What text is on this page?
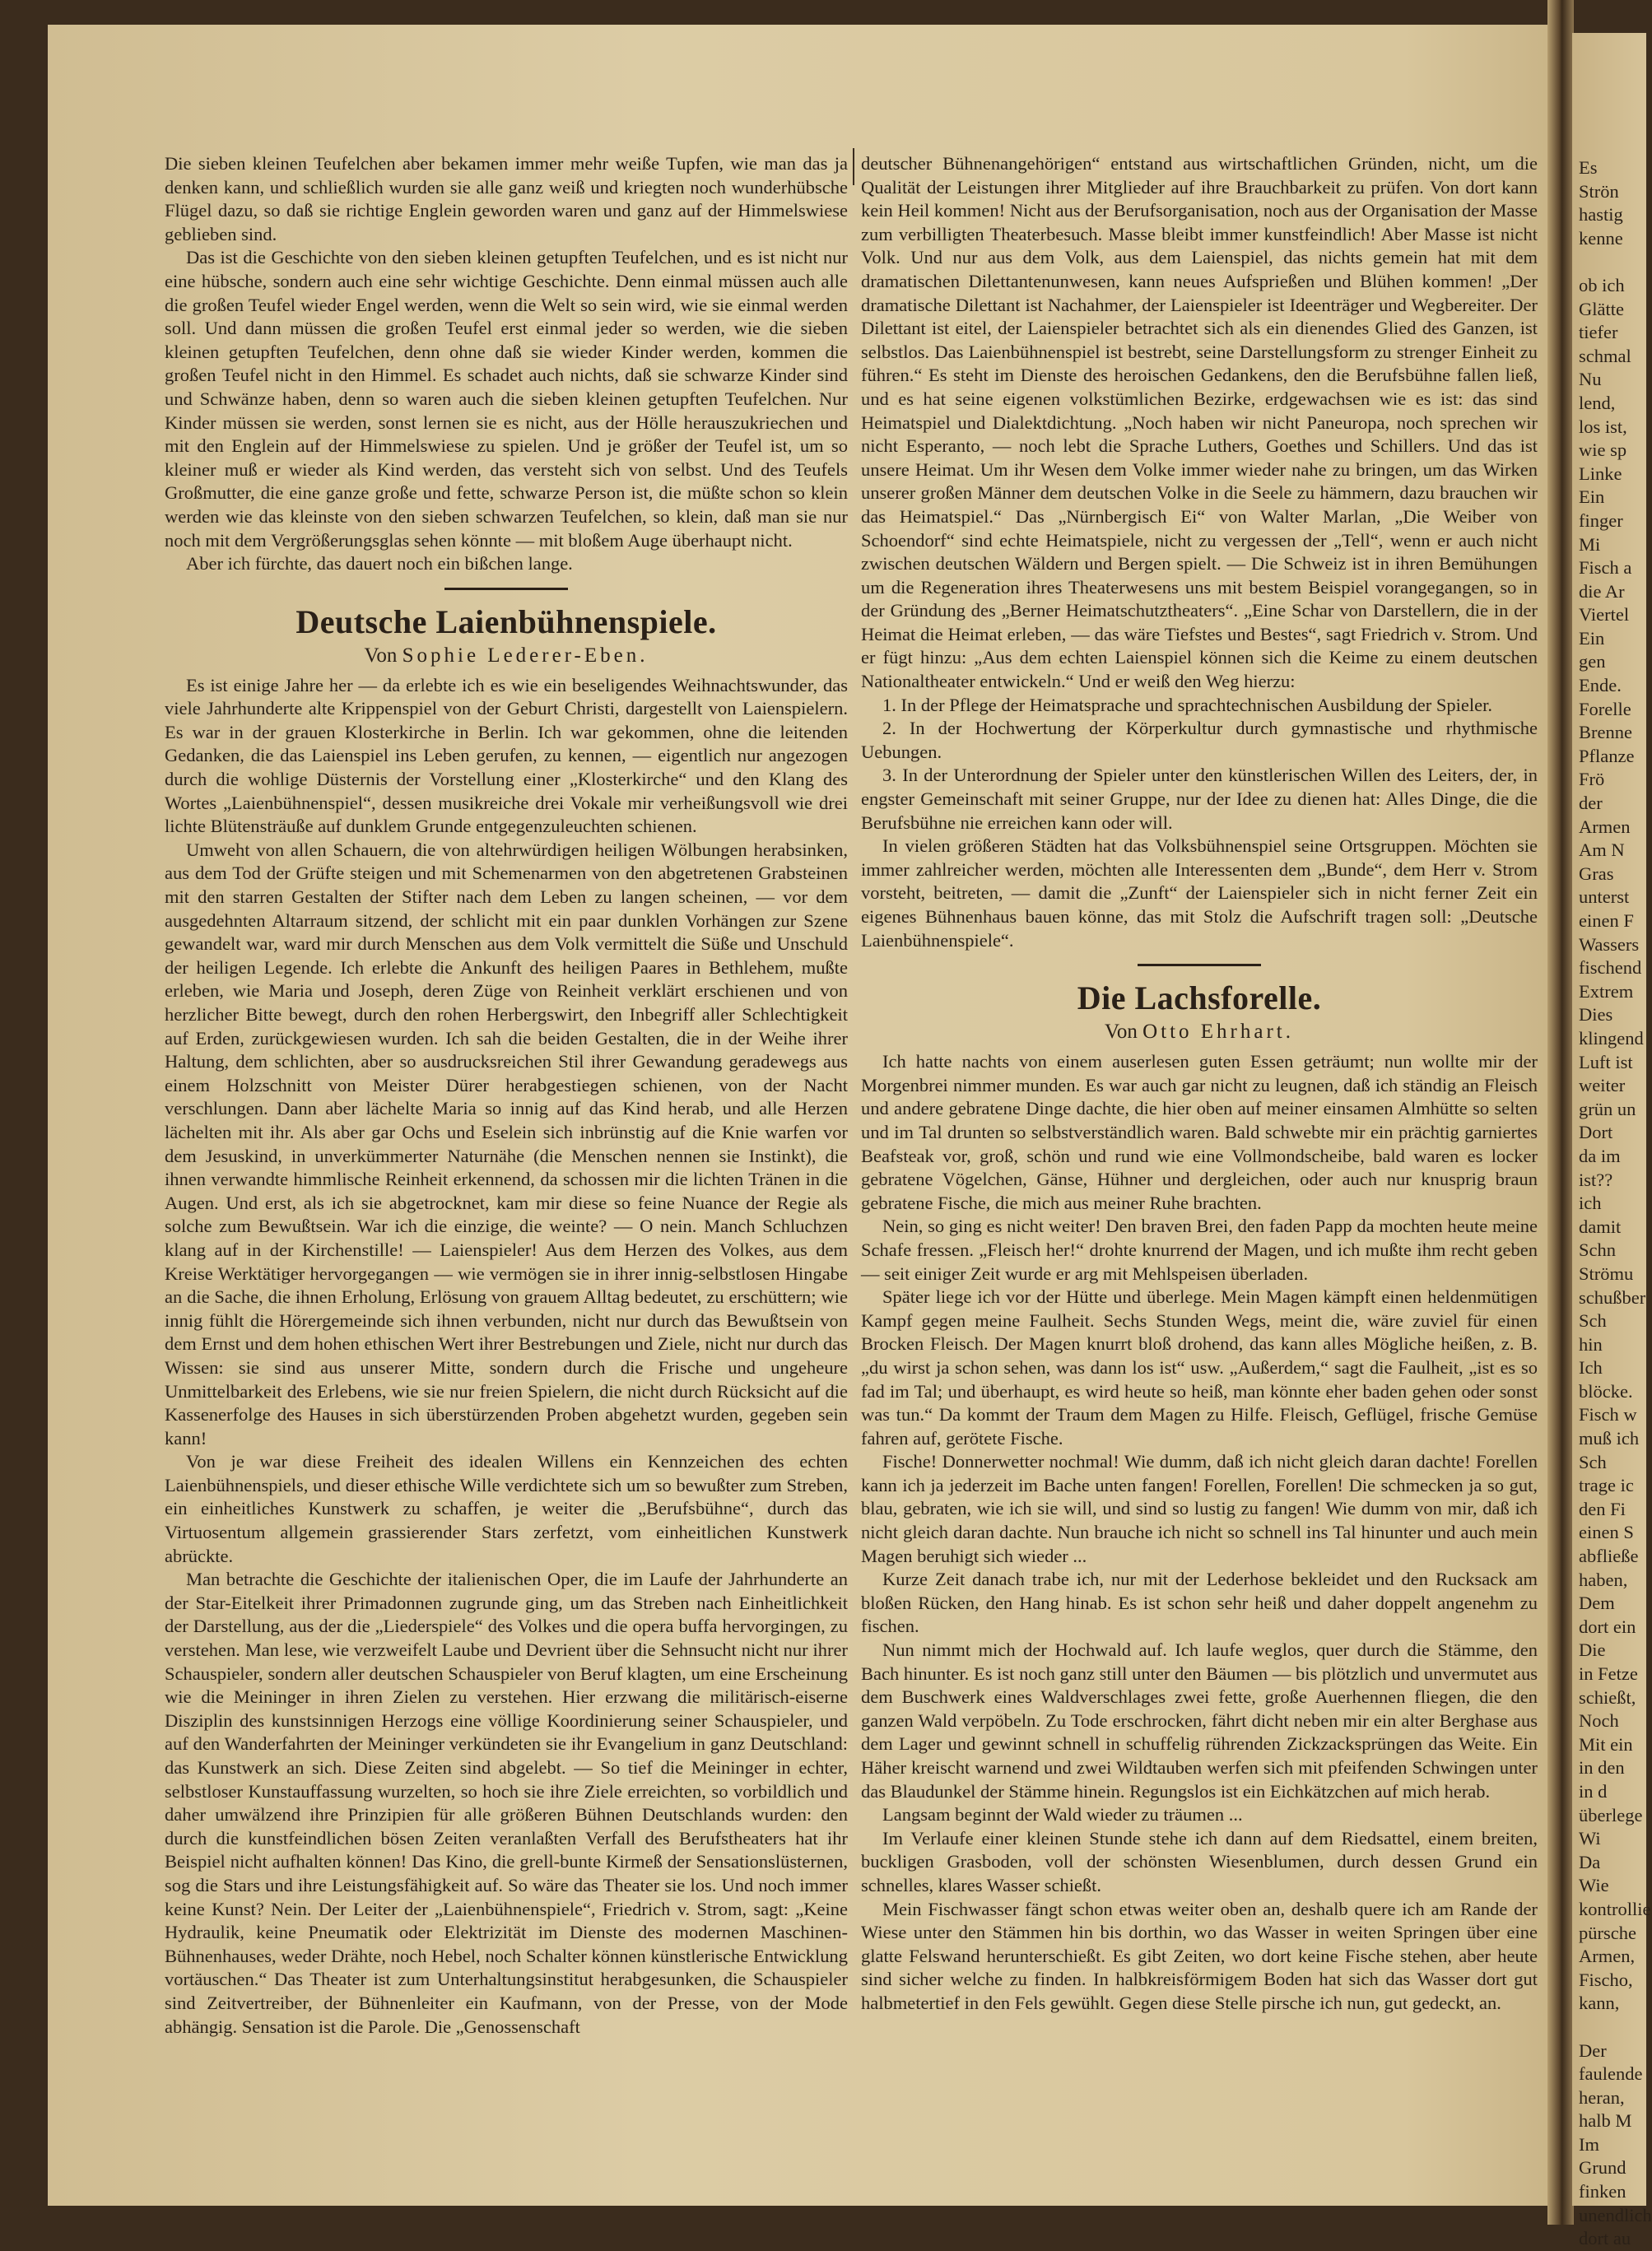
Die sieben kleinen Teufelchen aber bekamen immer mehr weiße Tupfen, wie man das ja denken kann, und schließlich wurden sie alle ganz weiß und kriegten noch wunderhübsche Flügel dazu, so daß sie richtige Englein geworden waren und ganz auf der Himmelswiese geblieben sind.

Das ist die Geschichte von den sieben kleinen getupften Teufelchen, und es ist nicht nur eine hübsche, sondern auch eine sehr wichtige Geschichte. Denn einmal müssen auch alle die großen Teufel wieder Engel werden, wenn die Welt so sein wird, wie sie einmal werden soll. Und dann müssen die großen Teufel erst einmal jeder so werden, wie die sieben kleinen getupften Teufelchen, denn ohne daß sie wieder Kinder werden, kommen die großen Teufel nicht in den Himmel. Es schadet auch nichts, daß sie schwarze Kinder sind und Schwänze haben, denn so waren auch die sieben kleinen getupften Teufelchen. Nur Kinder müssen sie werden, sonst lernen sie es nicht, aus der Hölle herauszukriechen und mit den Englein auf der Himmelswiese zu spielen. Und je größer der Teufel ist, um so kleiner muß er wieder als Kind werden, das versteht sich von selbst. Und des Teufels Großmutter, die eine ganze große und fette, schwarze Person ist, die müßte schon so klein werden wie das kleinste von den sieben schwarzen Teufelchen, so klein, daß man sie nur noch mit dem Vergrößerungsglas sehen könnte — mit bloßem Auge überhaupt nicht.

Aber ich fürchte, das dauert noch ein bißchen lange.

Deutsche Laienbühnenspiele.
Von Sophie Lederer-Eben.

Es ist einige Jahre her — da erlebte ich es wie ein beseligendes Weihnachtswunder, das viele Jahrhunderte alte Krippenspiel von der Geburt Christi, dargestellt von Laienspielern. Es war in der grauen Klosterkirche in Berlin. Ich war gekommen, ohne die leitenden Gedanken, die das Laienspiel ins Leben gerufen, zu kennen, — eigentlich nur angezogen durch die wohlige Düsternis der Vorstellung einer „Klosterkirche“ und den Klang des Wortes „Laienbühnenspiel“, dessen musikreiche drei Vokale mir verheißungsvoll wie drei lichte Blütensträuße auf dunklem Grunde entgegenzuleuchten schienen.

Umweht von allen Schauern, die von altehrwürdigen heiligen Wölbungen herabsinken, aus dem Tod der Grüfte steigen und mit Schemenarmen von den abgetretenen Grabsteinen mit den starren Gestalten der Stifter nach dem Leben zu langen scheinen, — vor dem ausgedehnten Altarraum sitzend, der schlicht mit ein paar dunklen Vorhängen zur Szene gewandelt war, ward mir durch Menschen aus dem Volk vermittelt die Süße und Unschuld der heiligen Legende. Ich erlebte die Ankunft des heiligen Paares in Bethlehem, mußte erleben, wie Maria und Joseph, deren Züge von Reinheit verklärt erschienen und von herzlicher Bitte bewegt, durch den rohen Herbergswirt, den Inbegriff aller Schlechtigkeit auf Erden, zurückgewiesen wurden. Ich sah die beiden Gestalten, die in der Weihe ihrer Haltung, dem schlichten, aber so ausdrucksreichen Stil ihrer Gewandung geradewegs aus einem Holzschnitt von Meister Dürer herabgestiegen schienen, von der Nacht verschlungen. Dann aber lächelte Maria so innig auf das Kind herab, und alle Herzen lächelten mit ihr. Als aber gar Ochs und Eselein sich inbrünstig auf die Knie warfen vor dem Jesuskind, in unverkümmerter Naturnähe (die Menschen nennen sie Instinkt), die ihnen verwandte himmlische Reinheit erkennend, da schossen mir die lichten Tränen in die Augen. Und erst, als ich sie abgetrocknet, kam mir diese so feine Nuance der Regie als solche zum Bewußtsein. War ich die einzige, die weinte? — O nein. Manch Schluchzen klang auf in der Kirchenstille! — Laienspieler! Aus dem Herzen des Volkes, aus dem Kreise Werktätiger hervorgegangen — wie vermögen sie in ihrer innig-selbstlosen Hingabe an die Sache, die ihnen Erholung, Erlösung von grauem Alltag bedeutet, zu erschüttern; wie innig fühlt die Hörergemeinde sich ihnen verbunden, nicht nur durch das Bewußtsein von dem Ernst und dem hohen ethischen Wert ihrer Bestrebungen und Ziele, nicht nur durch das Wissen: sie sind aus unserer Mitte, sondern durch die Frische und ungeheure Unmittelbarkeit des Erlebens, wie sie nur freien Spielern, die nicht durch Rücksicht auf die Kassenerfolge des Hauses in sich überstürzenden Proben abgehetzt wurden, gegeben sein kann!

Von je war diese Freiheit des idealen Willens ein Kennzeichen des echten Laienbühnenspiels, und dieser ethische Wille verdichtete sich um so bewußter zum Streben, ein einheitliches Kunstwerk zu schaffen, je weiter die „Berufsbühne“, durch das Virtuosentum allgemein grassierender Stars zerfetzt, vom einheitlichen Kunstwerk abrückte.

Man betrachte die Geschichte der italienischen Oper, die im Laufe der Jahrhunderte an der Star-Eitelkeit ihrer Primadonnen zugrunde ging, um das Streben nach Einheitlichkeit der Darstellung, aus der die „Liederspiele“ des Volkes und die opera buffa hervorgingen, zu verstehen. Man lese, wie verzweifelt Laube und Devrient über die Sehnsucht nicht nur ihrer Schauspieler, sondern aller deutschen Schauspieler von Beruf klagten, um eine Erscheinung wie die Meininger in ihren Zielen zu verstehen. Hier erzwang die militärisch-eiserne Disziplin des kunstsinnigen Herzogs eine völlige Koordinierung seiner Schauspieler, und auf den Wanderfahrten der Meininger verkündeten sie ihr Evangelium in ganz Deutschland: das Kunstwerk an sich. Diese Zeiten sind abgelebt. — So tief die Meininger in echter, selbstloser Kunstauffassung wurzelten, so hoch sie ihre Ziele erreichten, so vorbildlich und daher umwälzend ihre Prinzipien für alle größeren Bühnen Deutschlands wurden: den durch die kunstfeindlichen bösen Zeiten veranlaßten Verfall des Berufstheaters hat ihr Beispiel nicht aufhalten können! Das Kino, die grell-bunte Kirmeß der Sensationslüsternen, sog die Stars und ihre Leistungsfähigkeit auf. So wäre das Theater sie los. Und noch immer keine Kunst? Nein. Der Leiter der „Laienbühnenspiele“, Friedrich v. Strom, sagt: „Keine Hydraulik, keine Pneumatik oder Elektrizität im Dienste des modernen Maschinen-Bühnenhauses, weder Drähte, noch Hebel, noch Schalter können künstlerische Entwicklung vortäuschen.“ Das Theater ist zum Unterhaltungsinstitut herabgesunken, die Schauspieler sind Zeitvertreiber, der Bühnenleiter ein Kaufmann, von der Presse, von der Mode abhängig. Sensation ist die Parole. Die „Genossenschaft

deutscher Bühnenangehörigen“ entstand aus wirtschaftlichen Gründen, nicht, um die Qualität der Leistungen ihrer Mitglieder auf ihre Brauchbarkeit zu prüfen. Von dort kann kein Heil kommen! Nicht aus der Berufsorganisation, noch aus der Organisation der Masse zum verbilligten Theaterbesuch. Masse bleibt immer kunstfeindlich! Aber Masse ist nicht Volk. Und nur aus dem Volk, aus dem Laienspiel, das nichts gemein hat mit dem dramatischen Dilettantenunwesen, kann neues Aufsprießen und Blühen kommen! „Der dramatische Dilettant ist Nachahmer, der Laienspieler ist Ideenträger und Wegbereiter. Der Dilettant ist eitel, der Laienspieler betrachtet sich als ein dienendes Glied des Ganzen, ist selbstlos. Das Laienbühnenspiel ist bestrebt, seine Darstellungsform zu strenger Einheit zu führen.“ Es steht im Dienste des heroischen Gedankens, den die Berufsbühne fallen ließ, und es hat seine eigenen volkstümlichen Bezirke, erdgewachsen wie es ist: das sind Heimatspiel und Dialektdichtung. „Noch haben wir nicht Paneuropa, noch sprechen wir nicht Esperanto, — noch lebt die Sprache Luthers, Goethes und Schillers. Und das ist unsere Heimat. Um ihr Wesen dem Volke immer wieder nahe zu bringen, um das Wirken unserer großen Männer dem deutschen Volke in die Seele zu hämmern, dazu brauchen wir das Heimatspiel.“ Das „Nürnbergisch Ei“ von Walter Marlan, „Die Weiber von Schoendorf“ sind echte Heimatspiele, nicht zu vergessen der „Tell“, wenn er auch nicht zwischen deutschen Wäldern und Bergen spielt. — Die Schweiz ist in ihren Bemühungen um die Regeneration ihres Theaterwesens uns mit bestem Beispiel vorangegangen, so in der Gründung des „Berner Heimatschutztheaters“. „Eine Schar von Darstellern, die in der Heimat die Heimat erleben, — das wäre Tiefstes und Bestes“, sagt Friedrich v. Strom. Und er fügt hinzu: „Aus dem echten Laienspiel können sich die Keime zu einem deutschen Nationaltheater entwickeln.“ Und er weiß den Weg hierzu:

1. In der Pflege der Heimatsprache und sprachtechnischen Ausbildung der Spieler.

2. In der Hochwertung der Körperkultur durch gymnastische und rhythmische Uebungen.

3. In der Unterordnung der Spieler unter den künstlerischen Willen des Leiters, der, in engster Gemeinschaft mit seiner Gruppe, nur der Idee zu dienen hat: Alles Dinge, die die Berufsbühne nie erreichen kann oder will.

In vielen größeren Städten hat das Volksbühnenspiel seine Ortsgruppen. Möchten sie immer zahlreicher werden, möchten alle Interessenten dem „Bunde“, dem Herr v. Strom vorsteht, beitreten, — damit die „Zunft“ der Laienspieler sich in nicht ferner Zeit ein eigenes Bühnenhaus bauen könne, das mit Stolz die Aufschrift tragen soll: „Deutsche Laienbühnenspiele“.

Die Lachsforelle.
Von Otto Ehrhart.

Ich hatte nachts von einem auserlesen guten Essen geträumt; nun wollte mir der Morgenbrei nimmer munden. Es war auch gar nicht zu leugnen, daß ich ständig an Fleisch und andere gebratene Dinge dachte, die hier oben auf meiner einsamen Almhütte so selten und im Tal drunten so selbstverständlich waren. Bald schwebte mir ein prächtig garniertes Beafsteak vor, groß, schön und rund wie eine Vollmondscheibe, bald waren es locker gebratene Vögelchen, Gänse, Hühner und dergleichen, oder auch nur knusprig braun gebratene Fische, die mich aus meiner Ruhe brachten.

Nein, so ging es nicht weiter! Den braven Brei, den faden Papp da mochten heute meine Schafe fressen. „Fleisch her!“ drohte knurrend der Magen, und ich mußte ihm recht geben — seit einiger Zeit wurde er arg mit Mehlspeisen überladen.

Später liege ich vor der Hütte und überlege. Mein Magen kämpft einen heldenmütigen Kampf gegen meine Faulheit. Sechs Stunden Wegs, meint die, wäre zuviel für einen Brocken Fleisch. Der Magen knurrt bloß drohend, das kann alles Mögliche heißen, z. B. „du wirst ja schon sehen, was dann los ist“ usw. „Außerdem,“ sagt die Faulheit, „ist es so fad im Tal; und überhaupt, es wird heute so heiß, man könnte eher baden gehen oder sonst was tun.“ Da kommt der Traum dem Magen zu Hilfe. Fleisch, Geflügel, frische Gemüse fahren auf, gerötete Fische.

Fische! Donnerwetter nochmal! Wie dumm, daß ich nicht gleich daran dachte! Forellen kann ich ja jederzeit im Bache unten fangen! Forellen, Forellen! Die schmecken ja so gut, blau, gebraten, wie ich sie will, und sind so lustig zu fangen! Wie dumm von mir, daß ich nicht gleich daran dachte. Nun brauche ich nicht so schnell ins Tal hinunter und auch mein Magen beruhigt sich wieder ...

Kurze Zeit danach trabe ich, nur mit der Lederhose bekleidet und den Rucksack am bloßen Rücken, den Hang hinab. Es ist schon sehr heiß und daher doppelt angenehm zu fischen.

Nun nimmt mich der Hochwald auf. Ich laufe weglos, quer durch die Stämme, den Bach hinunter. Es ist noch ganz still unter den Bäumen — bis plötzlich und unvermutet aus dem Buschwerk eines Waldverschlages zwei fette, große Auerhennen fliegen, die den ganzen Wald verpöbeln. Zu Tode erschrocken, fährt dicht neben mir ein alter Berghase aus dem Lager und gewinnt schnell in schuffelig rührenden Zickzacksprüngen das Weite. Ein Häher kreischt warnend und zwei Wildtauben werfen sich mit pfeifenden Schwingen unter das Blaudunkel der Stämme hinein. Regungslos ist ein Eichkätzchen auf mich herab.

Langsam beginnt der Wald wieder zu träumen ...

Im Verlaufe einer kleinen Stunde stehe ich dann auf dem Riedsattel, einem breiten, buckligen Grasboden, voll der schönsten Wiesenblumen, durch dessen Grund ein schnelles, klares Wasser schießt.

Mein Fischwasser fängt schon etwas weiter oben an, deshalb quere ich am Rande der Wiese unter den Stämmen hin bis dorthin, wo das Wasser in weiten Springen über eine glatte Felswand herunterschießt. Es gibt Zeiten, wo dort keine Fische stehen, aber heute sind sicher welche zu finden. In halbkreisförmigem Boden hat sich das Wasser dort gut halbmetertief in den Fels gewühlt. Gegen diese Stelle pirsche ich nun, gut gedeckt, an.

Es
Strön
hastig
kenne

ob ich
Glätte
tiefer
schmal
Nu
lend,
los ist,
wie sp
Linke
Ein
finger
Mi
Fisch a
die Ar
Viertel
Ein
gen
Ende.
Forelle
Brenne
Pflanze
Frö
der
Armen
Am N
Gras
unterst
einen F
Wassers
fischend
Extrem
Dies
klingend
Luft ist
weiter
grün un
Dort
da im
ist??
ich
damit
Schn
Strömu
schußber
Sch
hin
Ich
blöcke.
Fisch w
muß ich
Sch
trage ic
den Fi
einen S
abfließe
haben,
Dem
dort ein
Die
in Fetze
schießt,
Noch
Mit ein
in den
in d
überlege
Wi
Da
Wie
kontrollie
pürsche
Armen,
Fischo,
kann,

Der
faulende
heran,
halb M
Im
Grund
finken
unendlich
dort au
